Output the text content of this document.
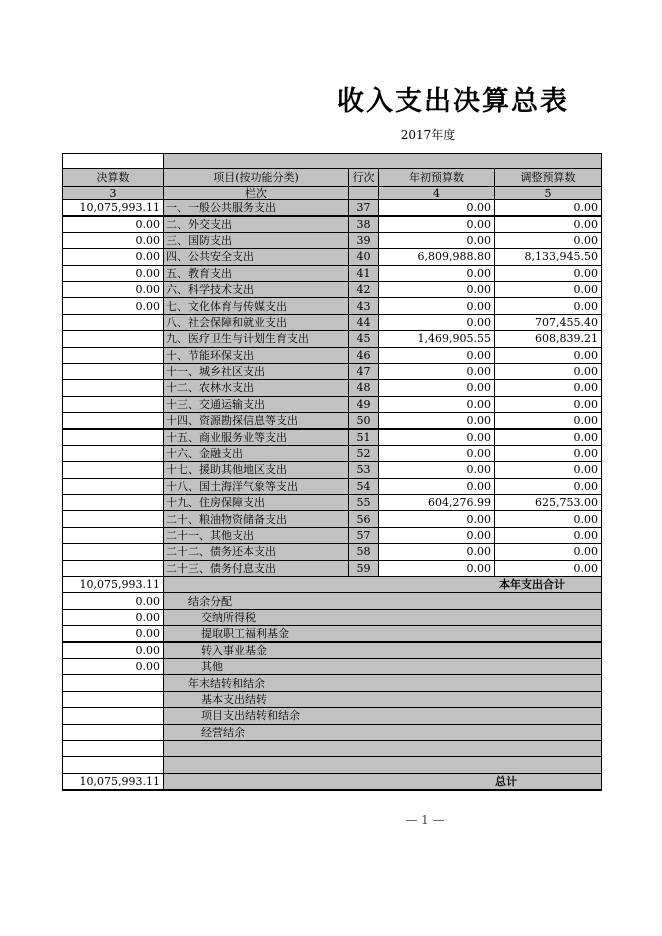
收入支出决算总表
2017年度

决算数	项目(按功能分类)	行次	年初预算数	调整预算数
3	栏次		4	5
10,075,993.11	一、一般公共服务支出	37	0.00	0.00
0.00	二、外交支出	38	0.00	0.00
0.00	三、国防支出	39	0.00	0.00
0.00	四、公共安全支出	40	6,809,988.80	8,133,945.50
0.00	五、教育支出	41	0.00	0.00
0.00	六、科学技术支出	42	0.00	0.00
0.00	七、文化体育与传媒支出	43	0.00	0.00
	八、社会保障和就业支出	44	0.00	707,455.40
	九、医疗卫生与计划生育支出	45	1,469,905.55	608,839.21
	十、节能环保支出	46	0.00	0.00
	十一、城乡社区支出	47	0.00	0.00
	十二、农林水支出	48	0.00	0.00
	十三、交通运输支出	49	0.00	0.00
	十四、资源勘探信息等支出	50	0.00	0.00
	十五、商业服务业等支出	51	0.00	0.00
	十六、金融支出	52	0.00	0.00
	十七、援助其他地区支出	53	0.00	0.00
	十八、国土海洋气象等支出	54	0.00	0.00
	十九、住房保障支出	55	604,276.99	625,753.00
	二十、粮油物资储备支出	56	0.00	0.00
	二十一、其他支出	57	0.00	0.00
	二十二、债务还本支出	58	0.00	0.00
	二十三、债务付息支出	59	0.00	0.00
10,075,993.11	本年支出合计			
0.00	结余分配			
0.00	交纳所得税			
0.00	提取职工福利基金			
0.00	转入事业基金			
0.00	其他			
	年末结转和结余			
	基本支出结转			
	项目支出结转和结余			
	经营结余			

10,075,993.11	总计			
— 1 —
